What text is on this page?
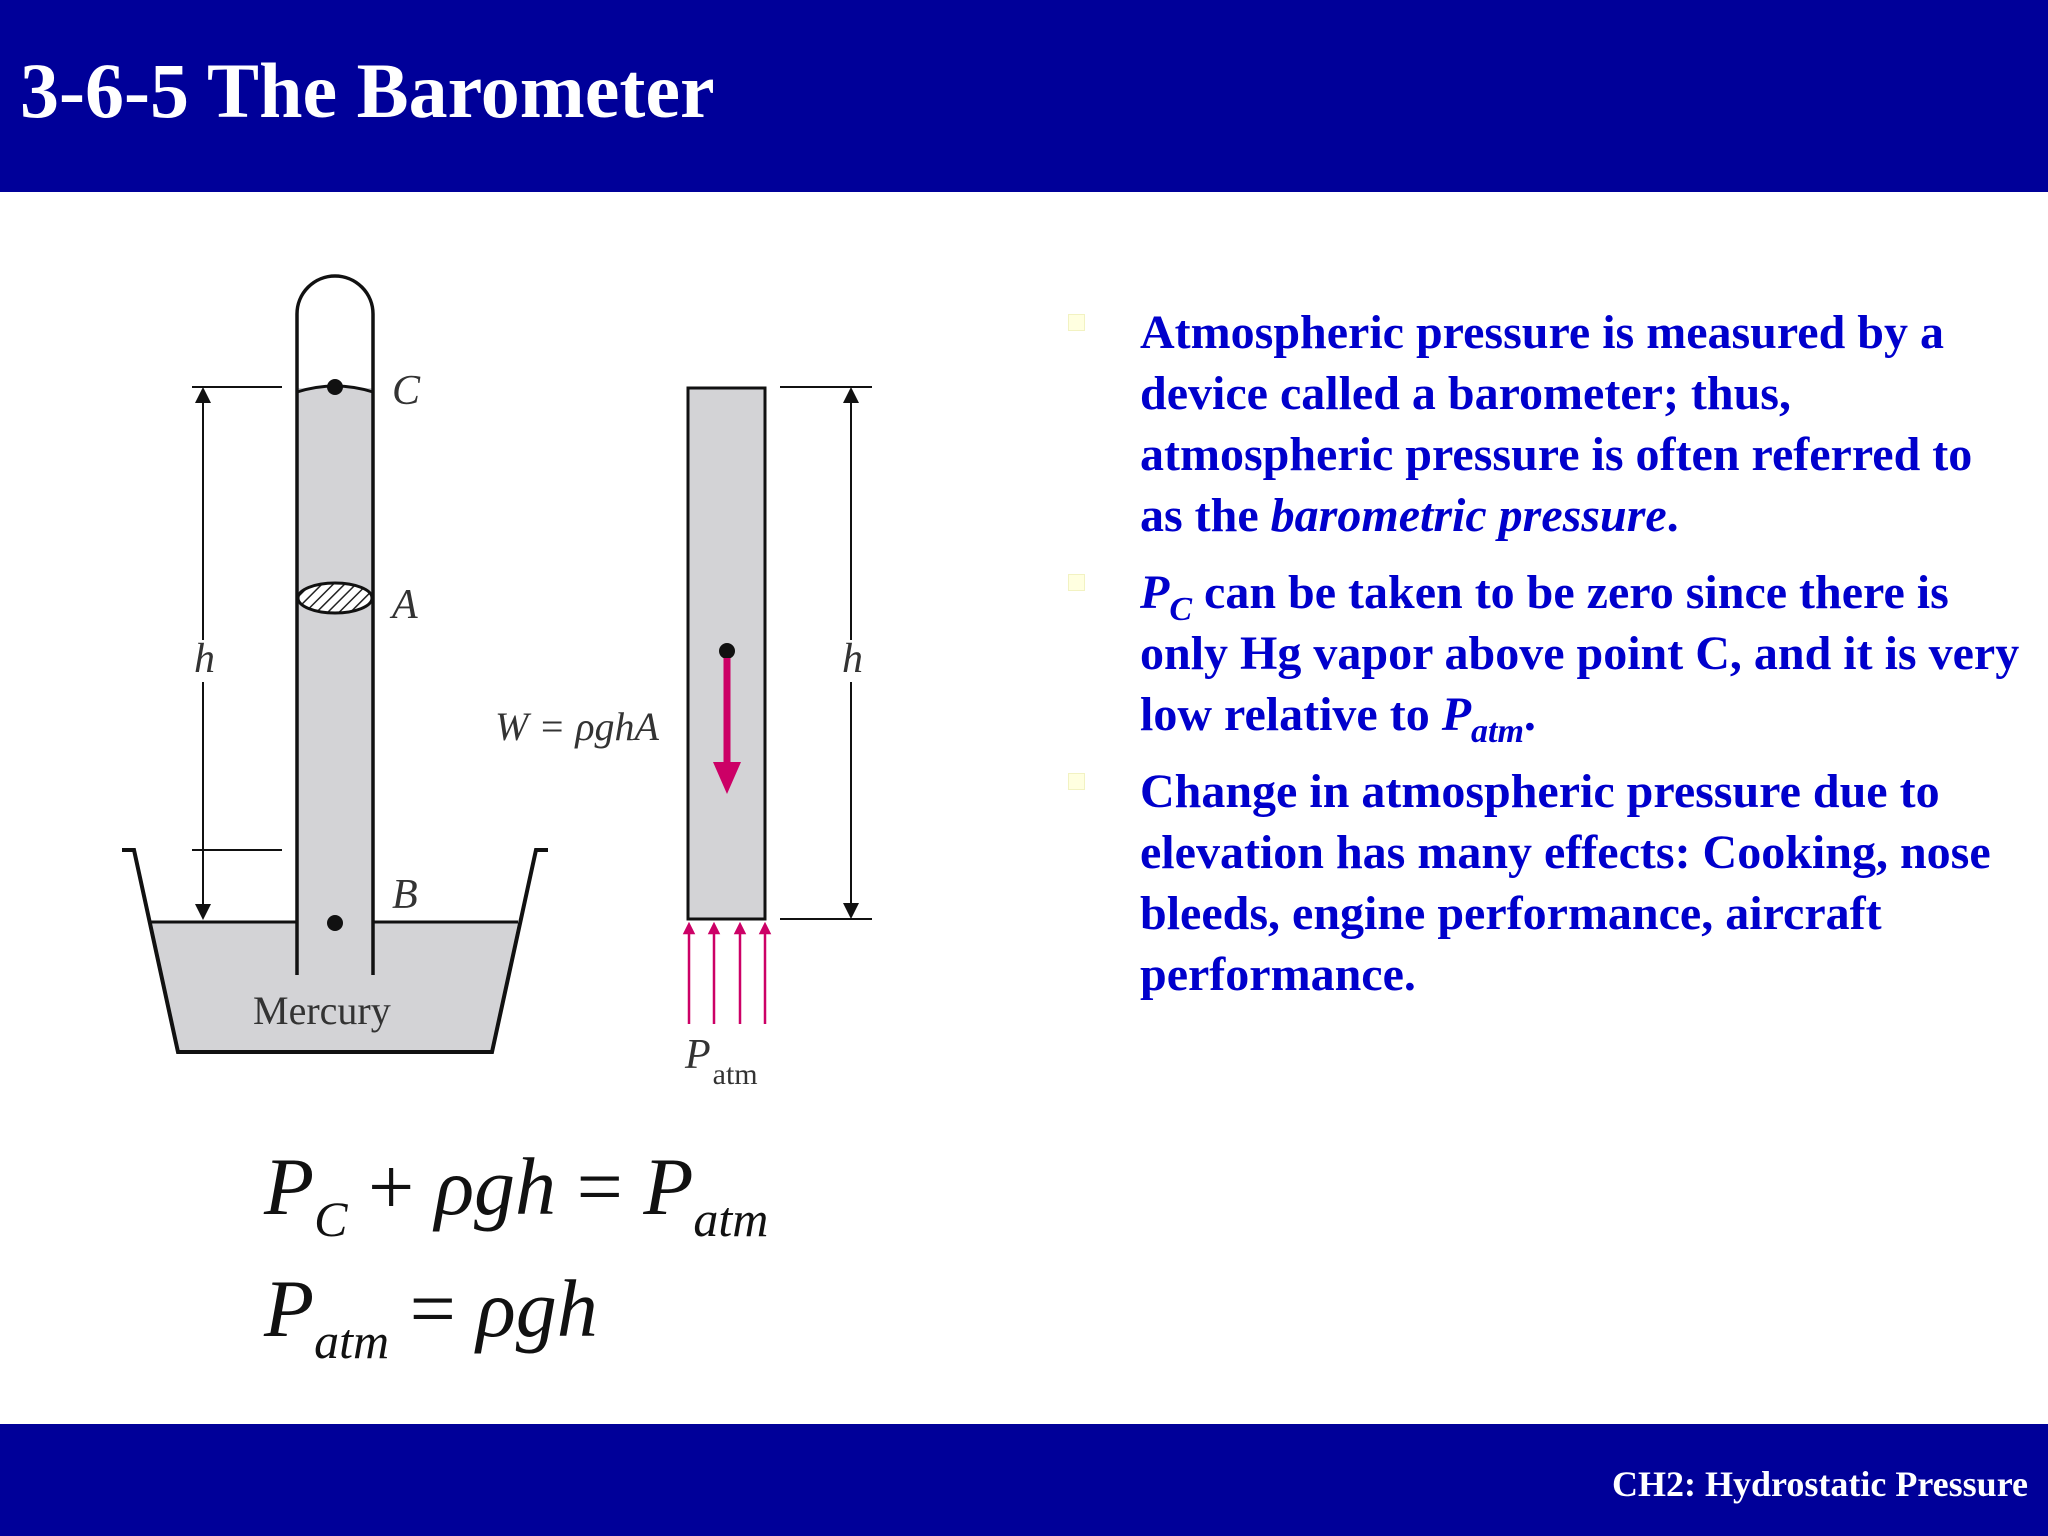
3-6-5 The Barometer
C
A
B
h
Mercury
h
W = ρghA
$P_{atm}$
$P_C + \rho gh = P_{atm}$
$P_{atm} = \rho gh$
Atmospheric pressure is measured by a device called a barometer; thus, atmospheric pressure is often referred to as the barometric pressure.
$P_C$ can be taken to be zero since there is only Hg vapor above point C, and it is very low relative to $P_{atm}$.
Change in atmospheric pressure due to elevation has many effects: Cooking, nose bleeds, engine performance, aircraft performance.
CH2: Hydrostatic Pressure
